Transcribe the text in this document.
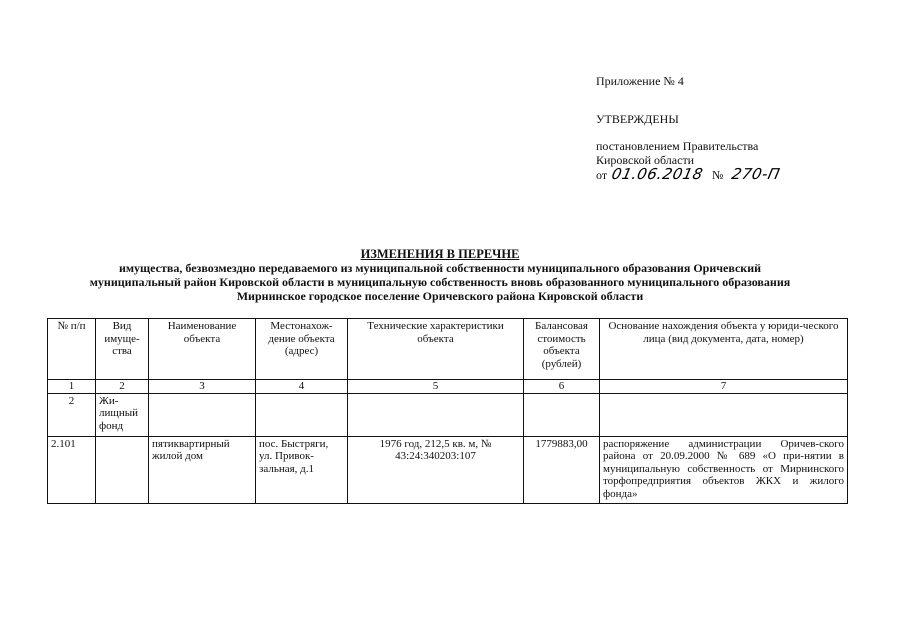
Приложение № 4

УТВЕРЖДЕНЫ

постановлением Правительства

Кировской области

от 01.06.2018 № 270-П

ИЗМЕНЕНИЯ В ПЕРЕЧНЕ
имущества, безвозмездно передаваемого из муниципальной собственности муниципального образования Оричевский
муниципальный район Кировской области в муниципальную собственность вновь образованного муниципального образования
Мирнинское городское поселение Оричевского района Кировской области
№ п/п	Вид имуще-ства	Наименование объекта	Местонахож-дение объекта (адрес)	Технические характеристики объекта	Балансовая стоимость объекта (рублей)	Основание нахождения объекта у юриди-ческого лица (вид документа, дата, номер)
1	2	3	4	5	6	7
2	Жи-лищный фонд					
2.101		пятиквартирный жилой дом	пос. Быстряги, ул. Привок-зальная, д.1	1976 год, 212,5 кв. м, № 43:24:340203:107	1779883,00	распоряжение администрации Оричев-ского района от 20.09.2000 № 689 «О при-нятии в муниципальную собственность от Мирнинского торфопредприятия объектов ЖКХ и жилого фонда»
